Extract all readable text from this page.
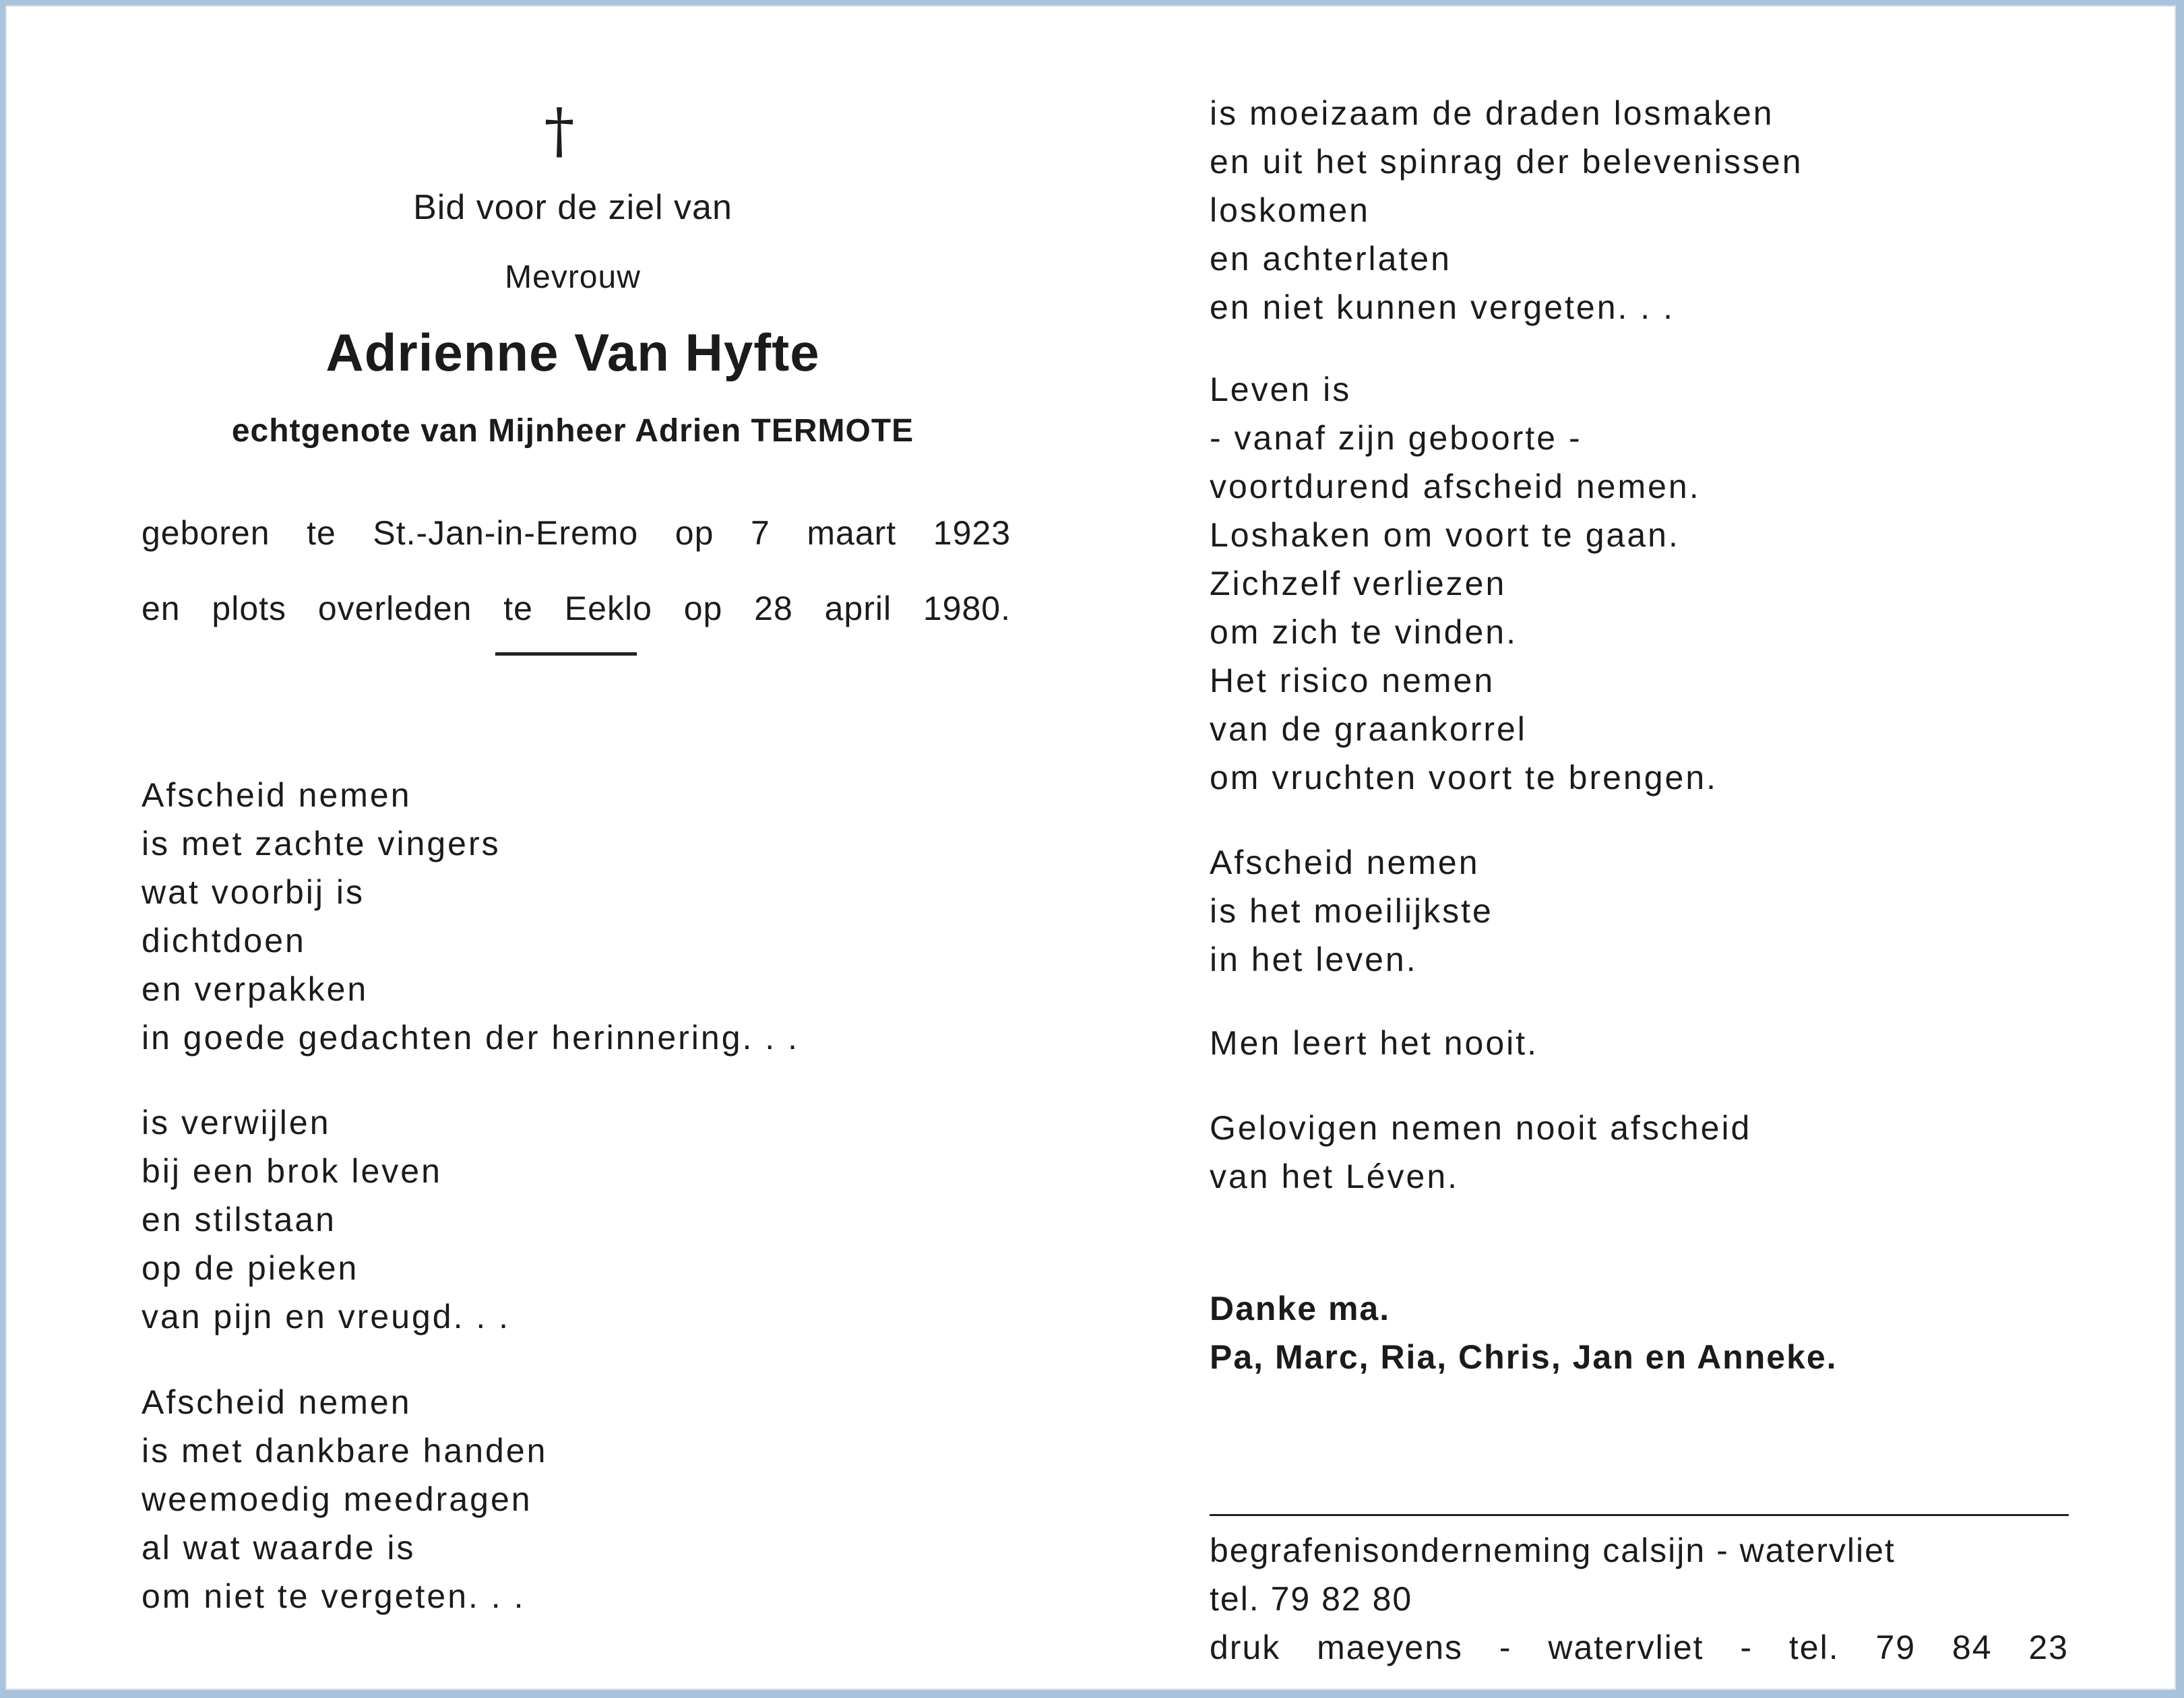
†
Bid voor de ziel van
Mevrouw
Adrienne Van Hyfte
echtgenote van Mijnheer Adrien TERMOTE
geboren te St.-Jan-in-Eremo op 7 maart 1923
en plots overleden te Eeklo op 28 april 1980.
Afscheid nemen
is met zachte vingers
wat voorbij is
dichtdoen
en verpakken
in goede gedachten der herinnering. . .
is verwijlen
bij een brok leven
en stilstaan
op de pieken
van pijn en vreugd. . .
Afscheid nemen
is met dankbare handen
weemoedig meedragen
al wat waarde is
om niet te vergeten. . .
is moeizaam de draden losmaken
en uit het spinrag der belevenissen
loskomen
en achterlaten
en niet kunnen vergeten. . .
Leven is
- vanaf zijn geboorte -
voortdurend afscheid nemen.
Loshaken om voort te gaan.
Zichzelf verliezen
om zich te vinden.
Het risico nemen
van de graankorrel
om vruchten voort te brengen.
Afscheid nemen
is het moeilijkste
in het leven.
Men leert het nooit.
Gelovigen nemen nooit afscheid
van het Léven.
Danke ma.
Pa, Marc, Ria, Chris, Jan en Anneke.
begrafenisonderneming calsijn - watervliet
tel. 79 82 80
druk maeyens - watervliet - tel. 79 84 23
